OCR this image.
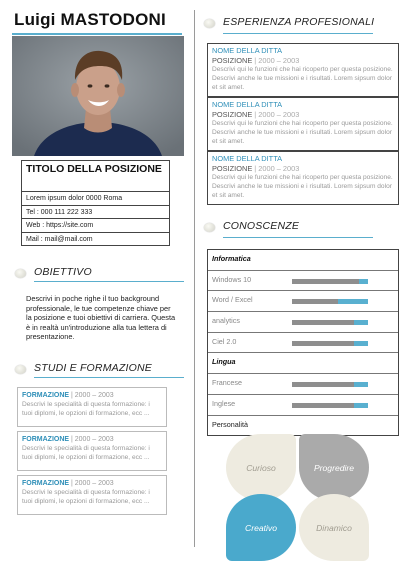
Luigi MASTODONI
TITOLO DELLA POSIZIONE
Lorem ipsum dolor 0000 Roma
Tel : 000 111 222 333
Web : https://site.com
Mail : mail@mail.com
OBIETTIVO
Descrivi in poche righe il tuo background professionale, le tue competenze chiave per la posizione e tuoi obiettivi di carriera. Questa è in realtà un'introduzione alla tua lettera di presentazione.
STUDI E FORMAZIONE
FORMAZIONE | 2000 – 2003
Descrivi le specialità di questa formazione: i tuoi diplomi, le opzioni di formazione, ecc ...
FORMAZIONE | 2000 – 2003
Descrivi le specialità di questa formazione: i tuoi diplomi, le opzioni di formazione, ecc ...
FORMAZIONE | 2000 – 2003
Descrivi le specialità di questa formazione: i tuoi diplomi, le opzioni di formazione, ecc ...
ESPERIENZA PROFESIONALI
NOME DELLA DITTA
POSIZIONE | 2000 – 2003
Descrivi qui le funzioni che hai ricoperto per questa posizione. Descrivi anche le tue missioni e i risultati. Lorem sipsum dolor et sit amet.
NOME DELLA DITTA
POSIZIONE | 2000 – 2003
Descrivi qui le funzioni che hai ricoperto per questa posizione. Descrivi anche le tue missioni e i risultati. Lorem sipsum dolor et sit amet.
NOME DELLA DITTA
POSIZIONE | 2000 – 2003
Descrivi qui le funzioni che hai ricoperto per questa posizione. Descrivi anche le tue missioni e i risultati. Lorem sipsum dolor et sit amet.
CONOSCENZE
Informatica
Windows 10
Word / Excel
analytics
Ciel 2.0
Lingua
Francese
Inglese
Personalità
Curioso	Progredire
Creativo	Dinamico
